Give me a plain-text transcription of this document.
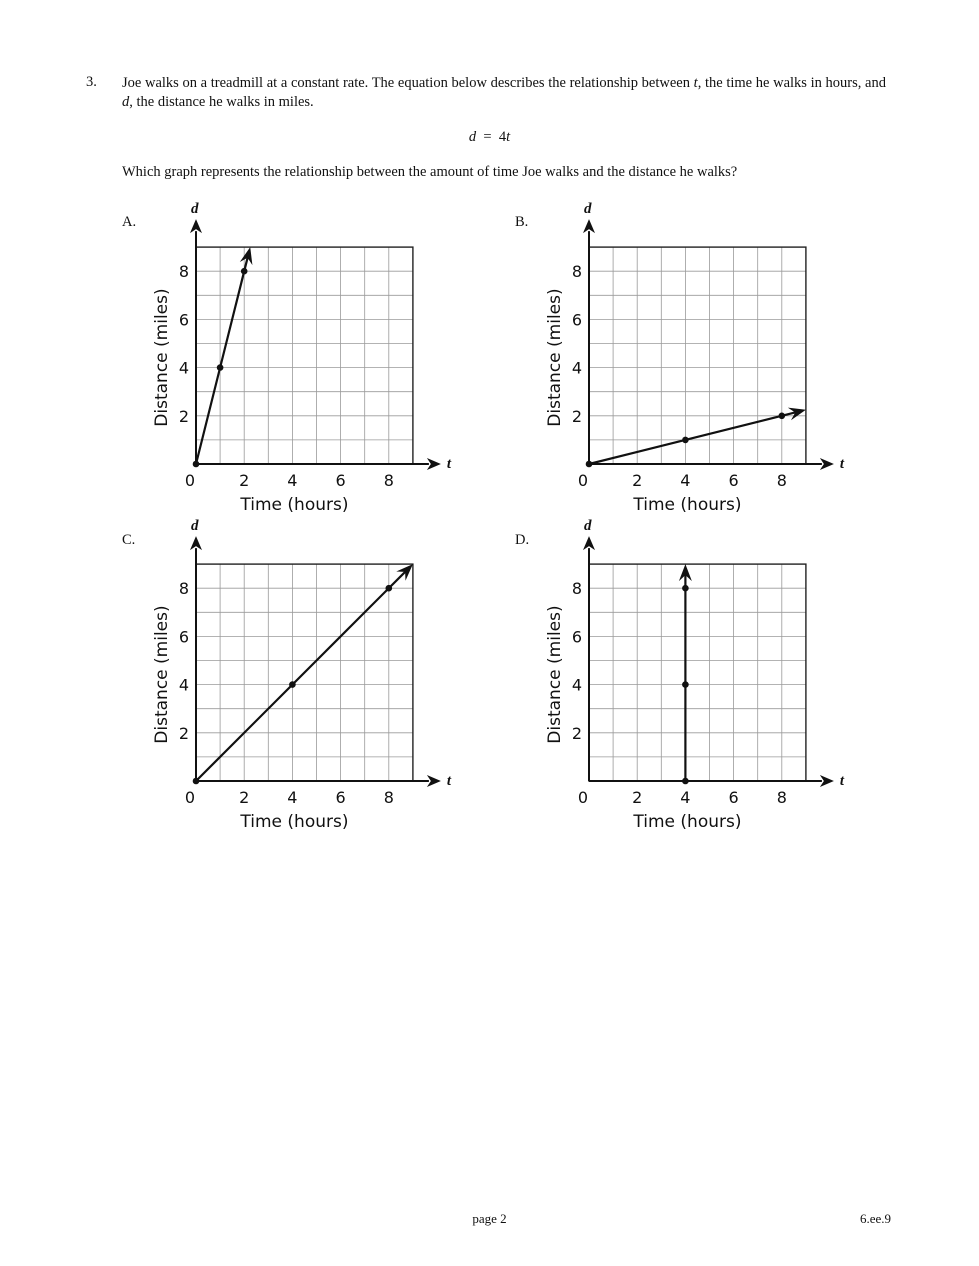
3. Joe walks on a treadmill at a constant rate. The equation below describes the relationship between t, the time he walks in hours, and d, the distance he walks in miles.
d = 4t
Which graph represents the relationship between the amount of time Joe walks and the distance he walks?
A.	B.
C.	D.
t
d
0	2 4 6 8
2
4
6
8
Time (hours)
Distance (miles)
t
d
0	2 4 6 8
2
4
6
8
Time (hours)
Distance (miles)
t
d
0	2 4 6 8
2
4
6
8
Time (hours)
Distance (miles)
t
d
0	2 4 6 8
2
4
6
8
Time (hours)
Distance (miles)
page 2	6.ee.9
